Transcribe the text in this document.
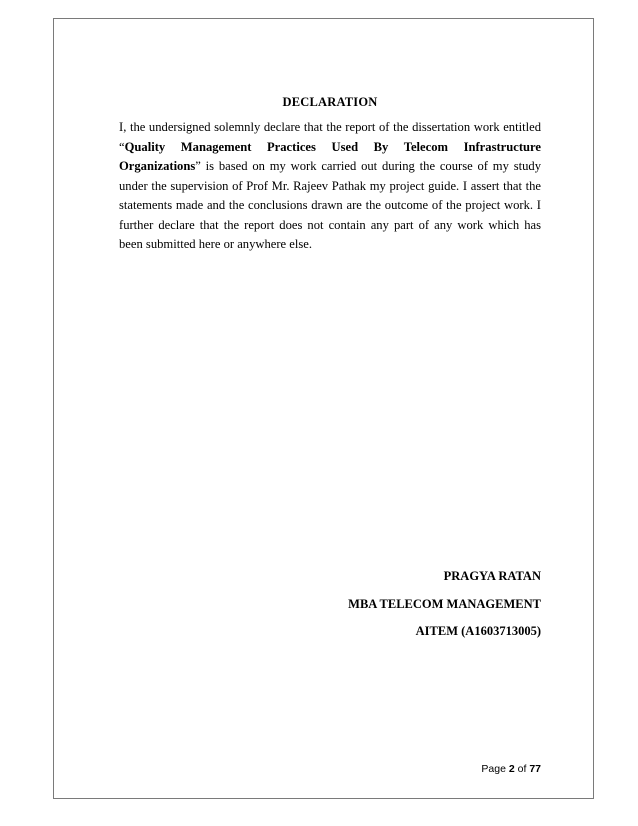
DECLARATION

I, the undersigned solemnly declare that the report of the dissertation work entitled “Quality Management Practices Used By Telecom Infrastructure Organizations” is based on my work carried out during the course of my study under the supervision of Prof Mr. Rajeev Pathak my project guide. I assert that the statements made and the conclusions drawn are the outcome of the project work. I further declare that the report does not contain any part of any work which has been submitted here or anywhere else.

PRAGYA RATAN
MBA TELECOM MANAGEMENT
AITEM (A1603713005)
Page 2 of 77
